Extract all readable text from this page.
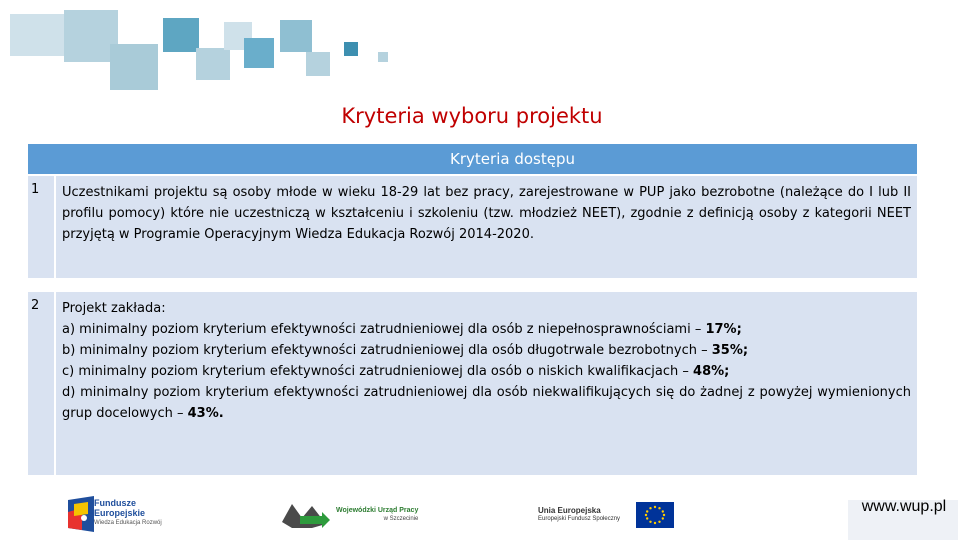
Kryteria wyboru projektu
Kryteria dostępu
1 Uczestnikami projektu są osoby młode w wieku 18-29 lat bez pracy, zarejestrowane w PUP jako bezrobotne (należące do I lub II profilu pomocy) które nie uczestniczą w kształceniu i szkoleniu (tzw. młodzież NEET), zgodnie z definicją osoby z kategorii NEET przyjętą w Programie Operacyjnym Wiedza Edukacja Rozwój 2014-2020.
2 Projekt zakłada:
a) minimalny poziom kryterium efektywności zatrudnieniowej dla osób z niepełnosprawnościami – 17%;
b) minimalny poziom kryterium efektywności zatrudnieniowej dla osób długotrwale bezrobotnych – 35%;
c) minimalny poziom kryterium efektywności zatrudnieniowej dla osób o niskich kwalifikacjach – 48%;
d) minimalny poziom kryterium efektywności zatrudnieniowej dla osób niekwalifikujących się do żadnej z powyżej wymienionych grup docelowych – 43%.
Fundusze
Europejskie
Wiedza Edukacja Rozwój
Wojewódzki Urząd Pracy
w Szczecinie
Unia Europejska
Europejski Fundusz Społeczny
www.wup.pl
